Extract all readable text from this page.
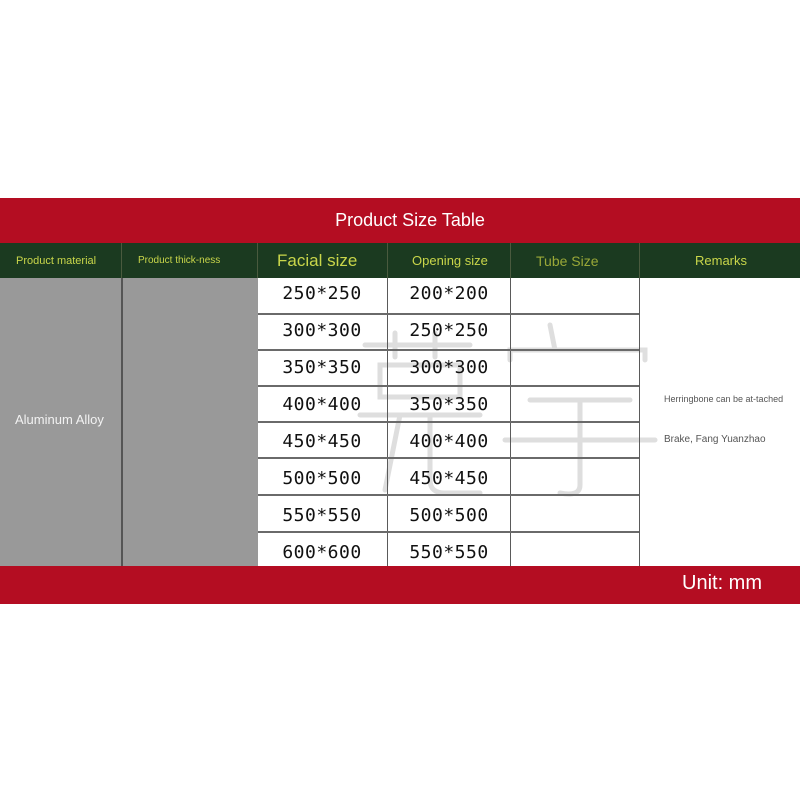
Product Size Table
Product material	Product thick-ness	Facial size	Opening size	Tube Size	Remarks
Aluminum Alloy
250*250	200*200
300*300	250*250
350*350	300*300
400*400	350*350
450*450	400*400
500*500	450*450
550*550	500*500
600*600	550*550
Herringbone can be at-tached
Brake, Fang Yuanzhao
Unit: mm
